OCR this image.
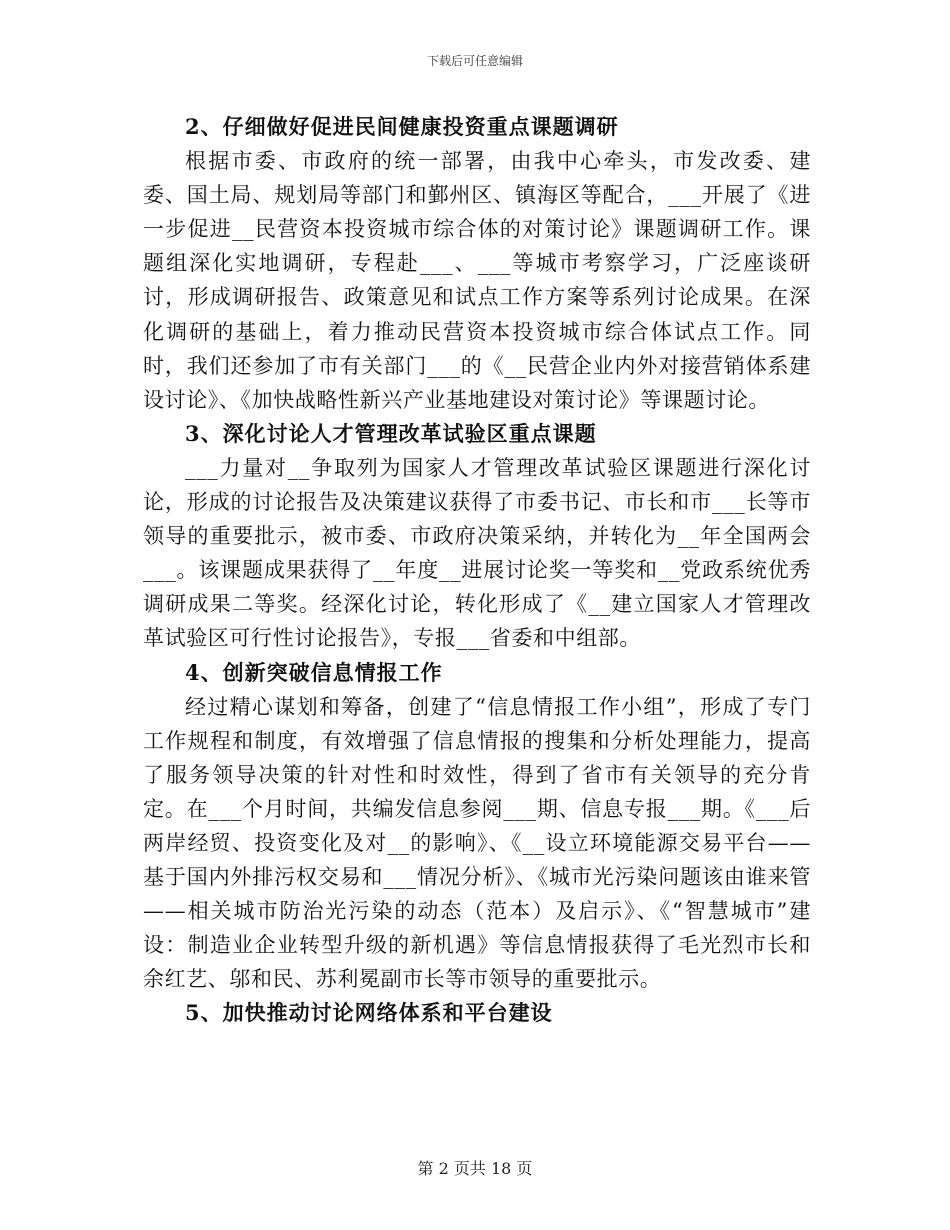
下载后可任意编辑

2、仔细做好促进民间健康投资重点课题调研

根据市委、市政府的统一部署，由我中心牵头，市发改委、建委、国土局、规划局等部门和鄞州区、镇海区等配合，___开展了《进一步促进__民营资本投资城市综合体的对策讨论》课题调研工作。课题组深化实地调研，专程赴___、___等城市考察学习，广泛座谈研讨，形成调研报告、政策意见和试点工作方案等系列讨论成果。在深化调研的基础上，着力推动民营资本投资城市综合体试点工作。同时，我们还参加了市有关部门___的《__民营企业内外对接营销体系建设讨论》、《加快战略性新兴产业基地建设对策讨论》等课题讨论。

3、深化讨论人才管理改革试验区重点课题

___力量对__争取列为国家人才管理改革试验区课题进行深化讨论，形成的讨论报告及决策建议获得了市委书记、市长和市___长等市领导的重要批示，被市委、市政府决策采纳，并转化为__年全国两会___。该课题成果获得了__年度__进展讨论奖一等奖和__党政系统优秀调研成果二等奖。经深化讨论，转化形成了《__建立国家人才管理改革试验区可行性讨论报告》，专报___省委和中组部。

4、创新突破信息情报工作

经过精心谋划和筹备，创建了“信息情报工作小组”，形成了专门工作规程和制度，有效增强了信息情报的搜集和分析处理能力，提高了服务领导决策的针对性和时效性，得到了省市有关领导的充分肯定。在___个月时间，共编发信息参阅___期、信息专报___期。《___后两岸经贸、投资变化及对__的影响》、《__设立环境能源交易平台——基于国内外排污权交易和___情况分析》、《城市光污染问题该由谁来管——相关城市防治光污染的动态（范本）及启示》、《“智慧城市”建设：制造业企业转型升级的新机遇》等信息情报获得了毛光烈市长和余红艺、邬和民、苏利冕副市长等市领导的重要批示。

5、加快推动讨论网络体系和平台建设

第 2 页共 18 页
